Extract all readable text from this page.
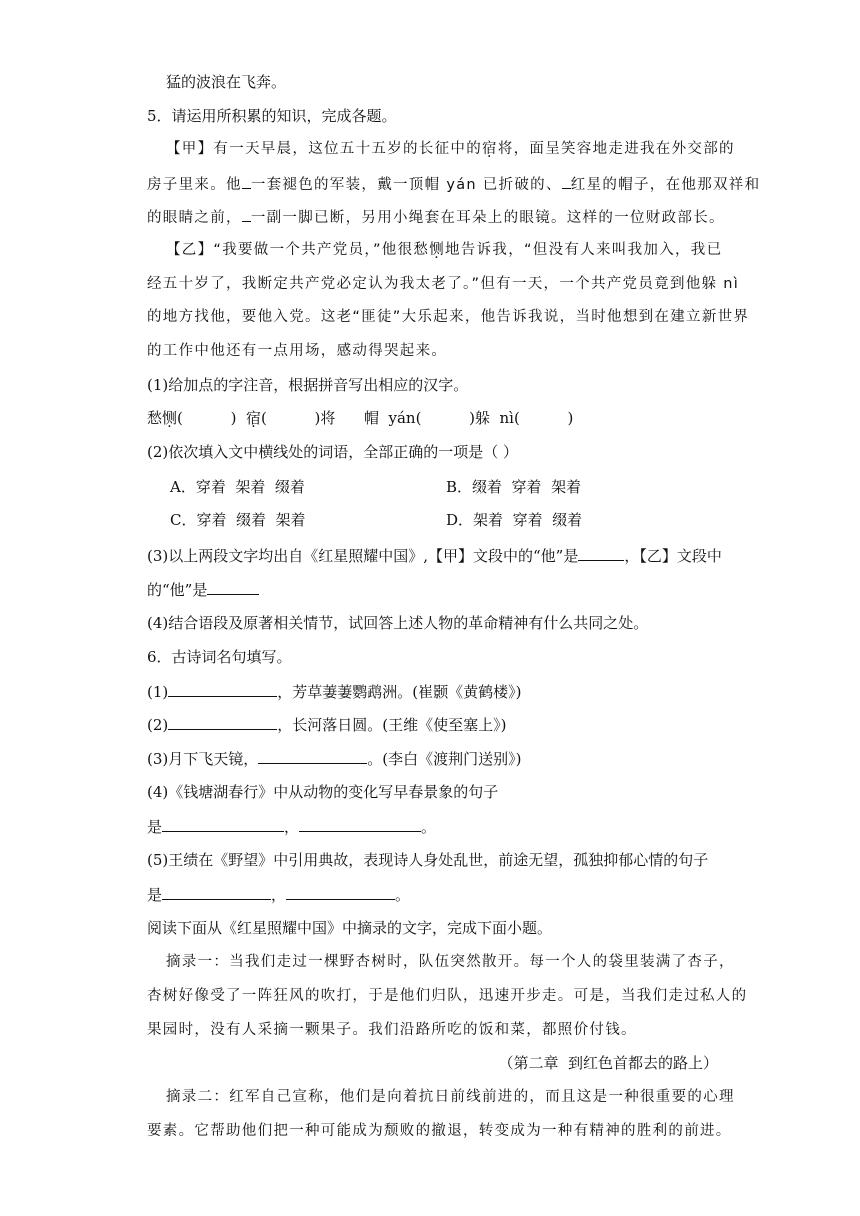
猛的波浪在飞奔。
5．请运用所积累的知识，完成各题。
【甲】有一天早晨，这位五十五岁的长征中的宿将，面呈笑容地走进我在外交部的
房子里来。他 一套褪色的军装，戴一顶帽 yán 已折破的、 红星的帽子，在他那双祥和
的眼睛之前， 一副一脚已断，另用小绳套在耳朵上的眼镜。这样的一位财政部长。
【乙】“我要做一个共产党员，”他很愁恻地告诉我，“但没有人来叫我加入，我已
经五十岁了，我断定共产党必定认为我太老了。”但有一天，一个共产党员竟到他躲 nì
的地方找他，要他入党。这老“匪徒”大乐起来，他告诉我说，当时他想到在建立新世界
的工作中他还有一点用场，感动得哭起来。
(1)给加点的字注音，根据拼音写出相应的汉字。
愁恻(          )  宿(          )将      帽  yán(          )躲  nì(          )
(2)依次填入文中横线处的词语，全部正确的一项是（ ）
A．穿着  架着  缀着	B．缀着  穿着  架着
C．穿着  缀着  架着	D．架着  穿着  缀着
(3)以上两段文字均出自《红星照耀中国》,【甲】文段中的“他”是	，【乙】文段中
的“他”是
(4)结合语段及原著相关情节，试回答上述人物的革命精神有什么共同之处。
6．古诗词名句填写。
(1)	，芳草萋萋鹦鹉洲。(崔颢《黄鹤楼》)
(2)	，长河落日圆。(王维《使至塞上》)
(3)月下飞天镜，	。(李白《渡荆门送别》)
(4)《钱塘湖春行》中从动物的变化写早春景象的句子
是	，	。
(5)王绩在《野望》中引用典故，表现诗人身处乱世，前途无望，孤独抑郁心情的句子
是	，	。
阅读下面从《红星照耀中国》中摘录的文字，完成下面小题。
摘录一：当我们走过一棵野杏树时，队伍突然散开。每一个人的袋里装满了杏子，
杏树好像受了一阵狂风的吹打，于是他们归队，迅速开步走。可是，当我们走过私人的
果园时，没有人采摘一颗果子。我们沿路所吃的饭和菜，都照价付钱。
（第二章  到红色首都去的路上）
摘录二：红军自己宣称，他们是向着抗日前线前进的，而且这是一种很重要的心理
要素。它帮助他们把一种可能成为颓败的撤退，转变成为一种有精神的胜利的前进。
